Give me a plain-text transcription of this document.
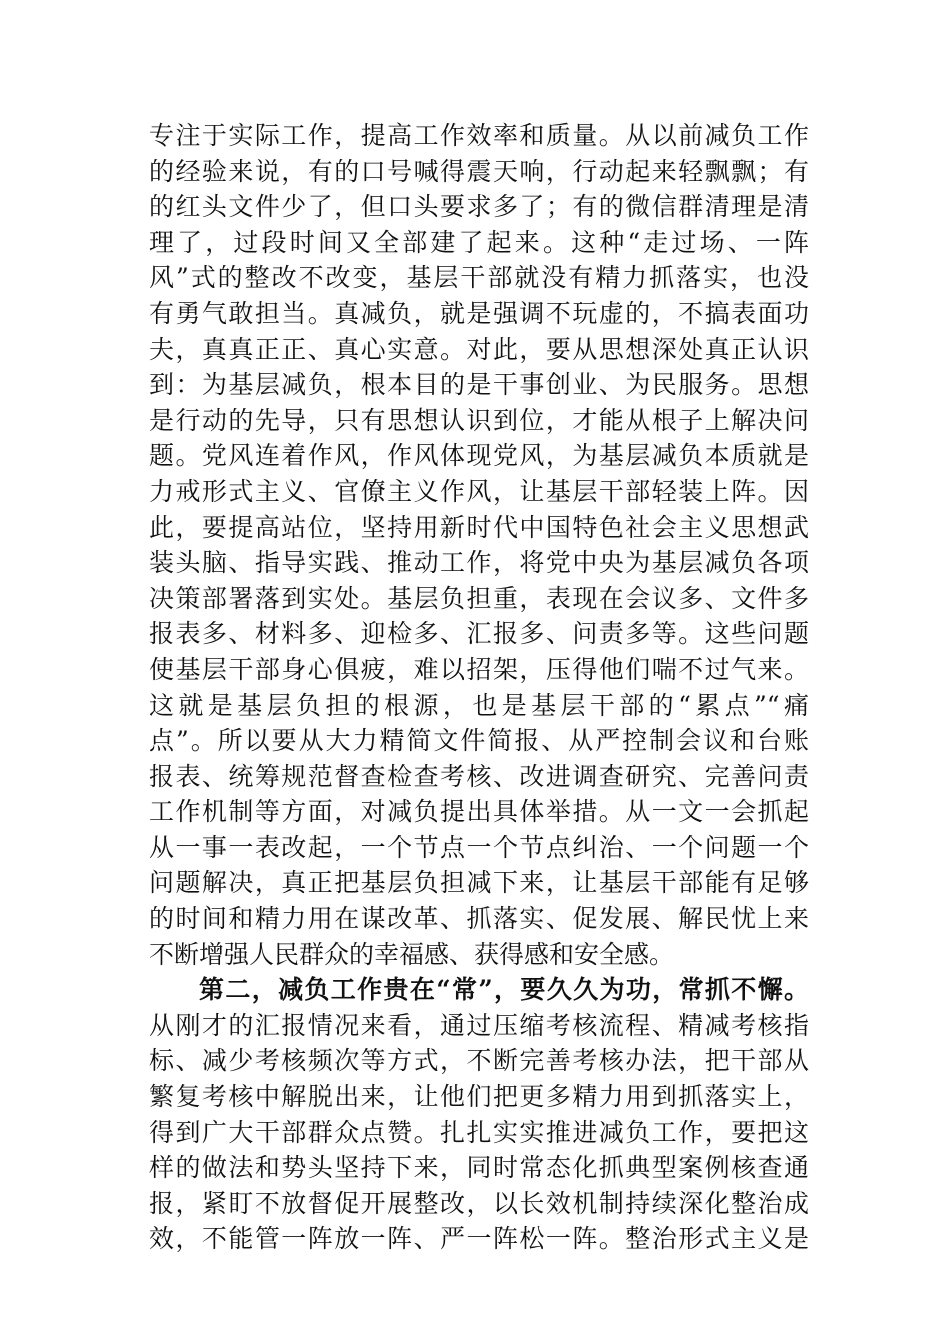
专注于实际工作，提高工作效率和质量。从以前减负工作
的经验来说，有的口号喊得震天响，行动起来轻飘飘；有
的红头文件少了，但口头要求多了；有的微信群清理是清
理了，过段时间又全部建了起来。这种“走过场、一阵
风”式的整改不改变，基层干部就没有精力抓落实，也没
有勇气敢担当。真减负，就是强调不玩虚的，不搞表面功
夫，真真正正、真心实意。对此，要从思想深处真正认识
到：为基层减负，根本目的是干事创业、为民服务。思想
是行动的先导，只有思想认识到位，才能从根子上解决问
题。党风连着作风，作风体现党风，为基层减负本质就是
力戒形式主义、官僚主义作风，让基层干部轻装上阵。因
此，要提高站位，坚持用新时代中国特色社会主义思想武
装头脑、指导实践、推动工作，将党中央为基层减负各项
决策部署落到实处。基层负担重，表现在会议多、文件多
报表多、材料多、迎检多、汇报多、问责多等。这些问题
使基层干部身心俱疲，难以招架，压得他们喘不过气来。
这就是基层负担的根源，也是基层干部的“累点”“痛
点”。所以要从大力精简文件简报、从严控制会议和台账
报表、统筹规范督查检查考核、改进调查研究、完善问责
工作机制等方面，对减负提出具体举措。从一文一会抓起
从一事一表改起，一个节点一个节点纠治、一个问题一个
问题解决，真正把基层负担减下来，让基层干部能有足够
的时间和精力用在谋改革、抓落实、促发展、解民忧上来
不断增强人民群众的幸福感、获得感和安全感。
第二，减负工作贵在“常”，要久久为功，常抓不懈。
从刚才的汇报情况来看，通过压缩考核流程、精减考核指
标、减少考核频次等方式，不断完善考核办法，把干部从
繁复考核中解脱出来，让他们把更多精力用到抓落实上，
得到广大干部群众点赞。扎扎实实推进减负工作，要把这
样的做法和势头坚持下来，同时常态化抓典型案例核查通
报，紧盯不放督促开展整改，以长效机制持续深化整治成
效，不能管一阵放一阵、严一阵松一阵。整治形式主义是
